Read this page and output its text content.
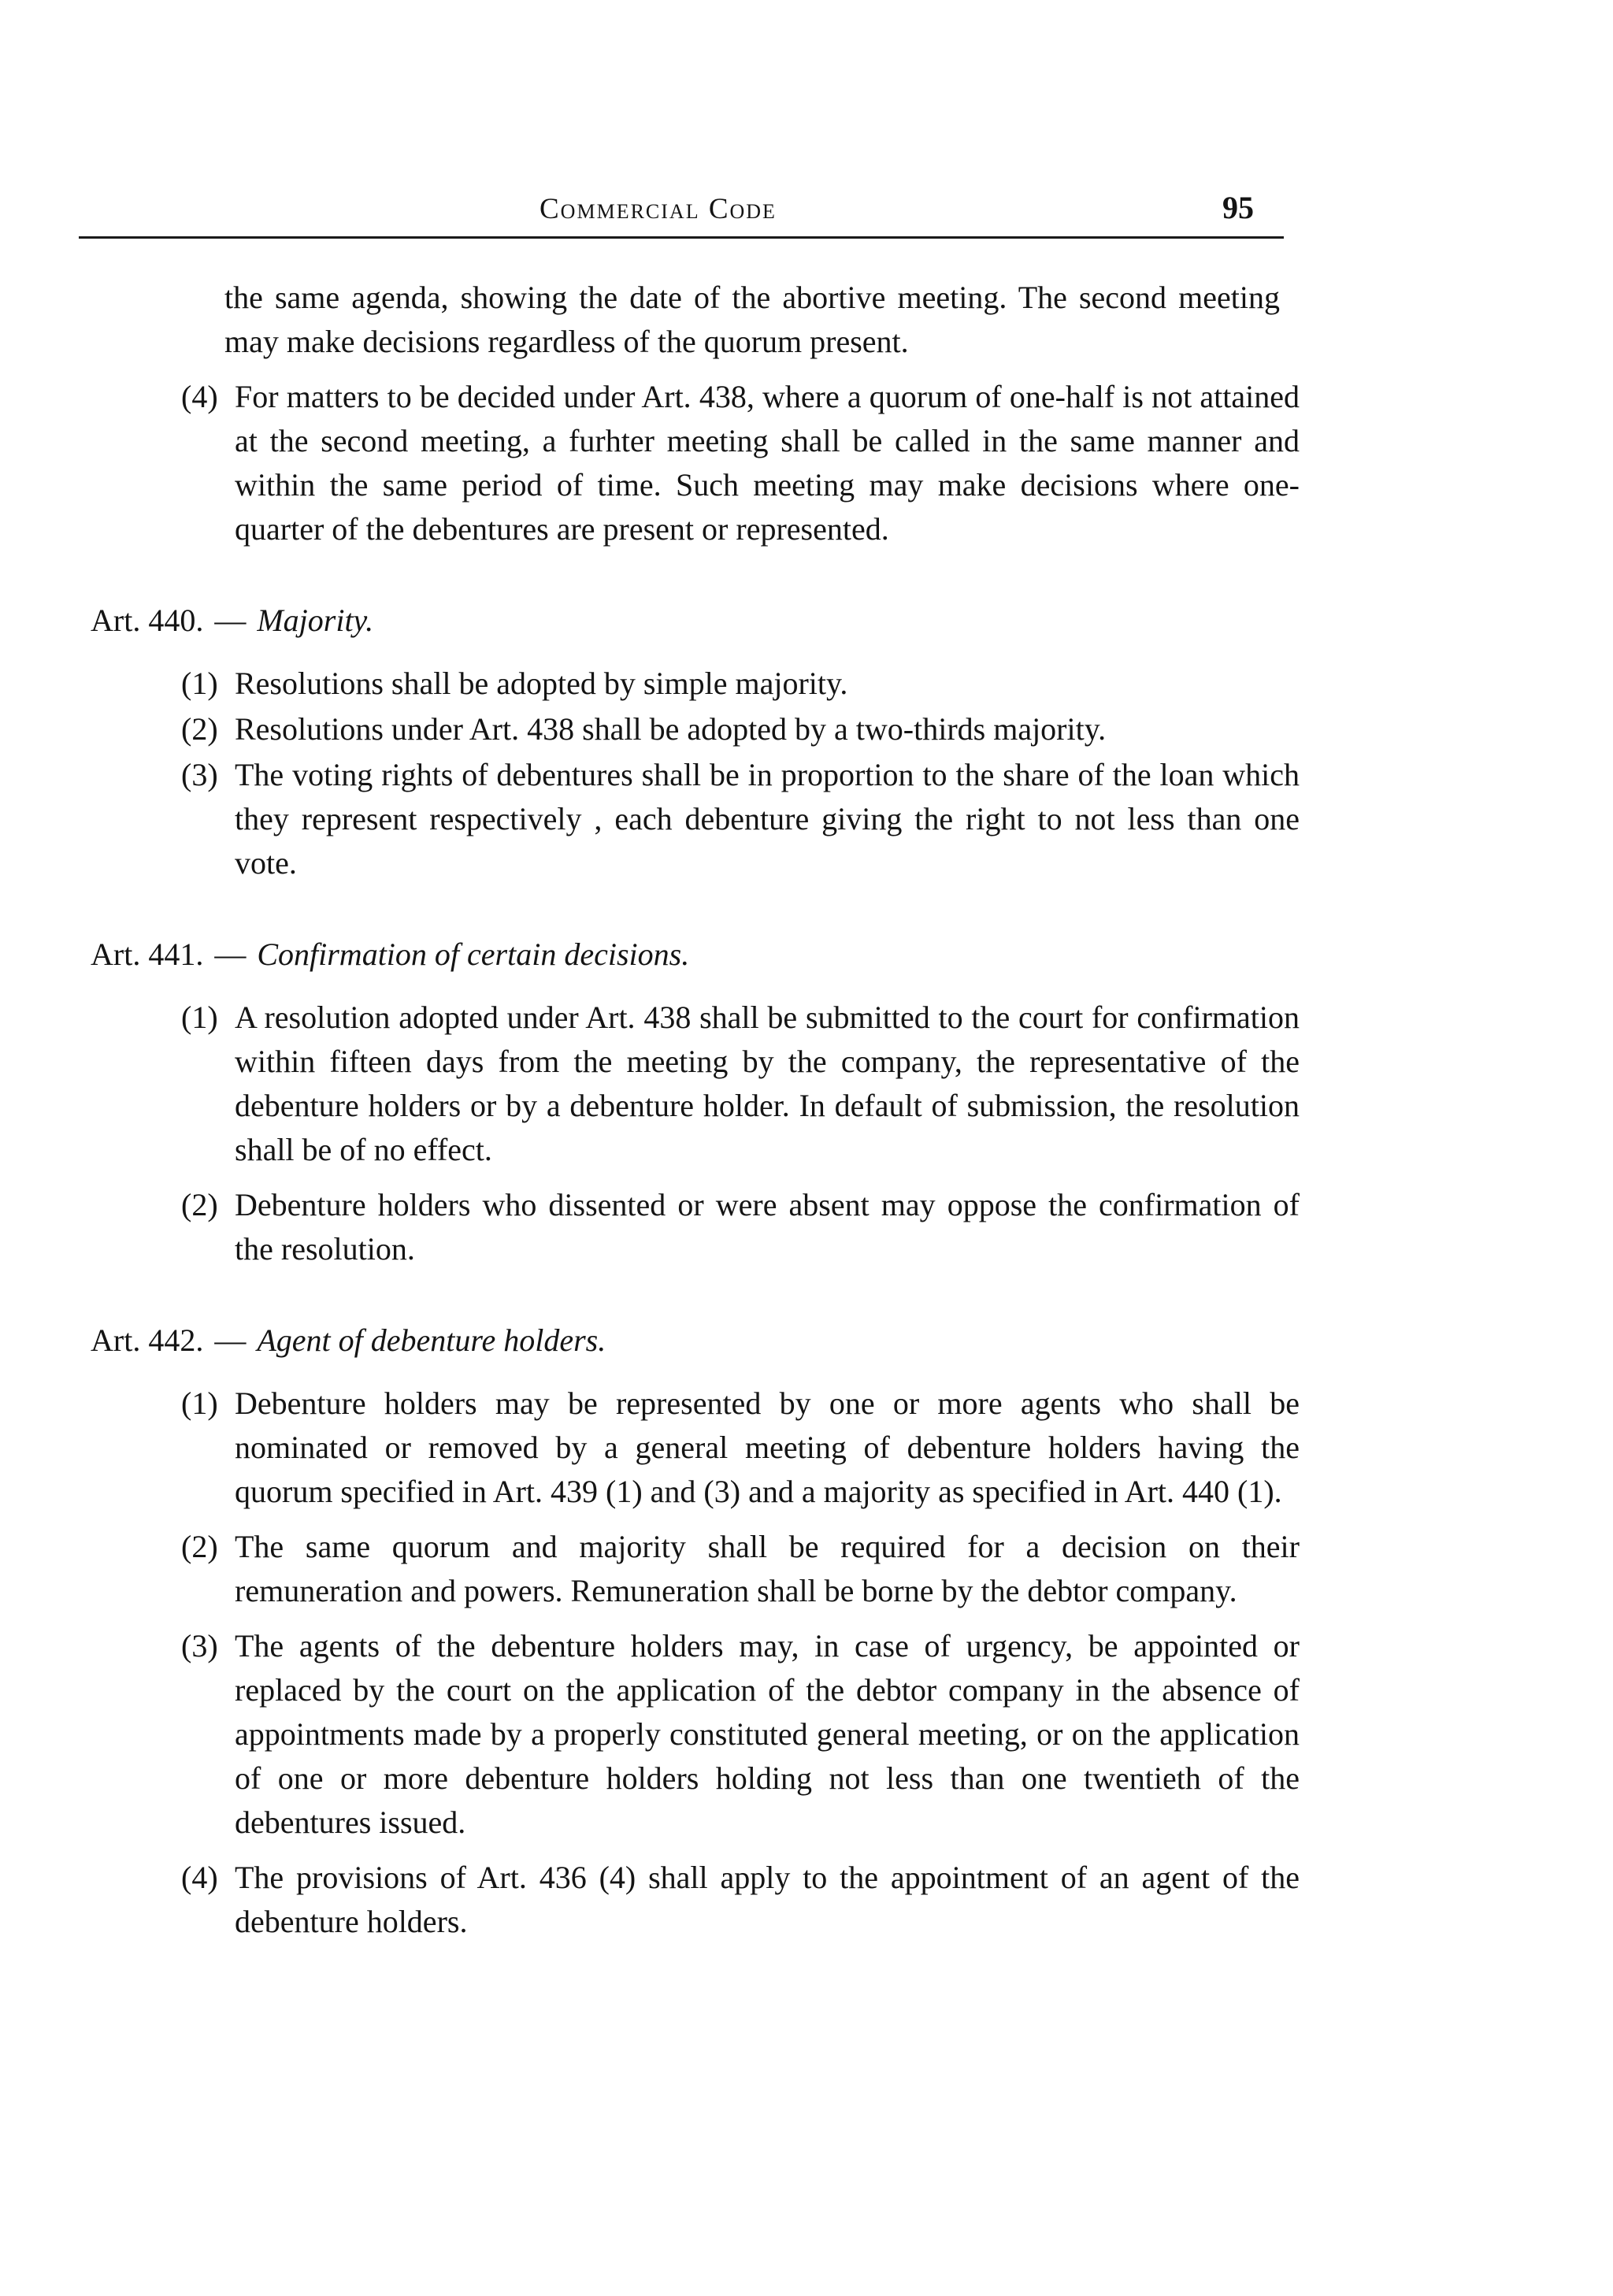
Commercial Code	95

the same agenda, showing the date of the abortive meeting. The second meeting may make decisions regardless of the quorum present.

(4) For matters to be decided under Art. 438, where a quorum of one-half is not attained at the second meeting, a furhter meeting shall be called in the same manner and within the same period of time. Such meeting may make decisions where one-quarter of the debentures are present or represented.
Art. 440. — Majority.
(1) Resolutions shall be adopted by simple majority.
(2) Resolutions under Art. 438 shall be adopted by a two-thirds majority.
(3) The voting rights of debentures shall be in proportion to the share of the loan which they represent respectively , each debenture giving the right to not less than one vote.
Art. 441. — Confirmation of certain decisions.
(1) A resolution adopted under Art. 438 shall be submitted to the court for confirmation within fifteen days from the meeting by the company, the representative of the debenture holders or by a debenture holder. In default of submission, the resolution shall be of no effect.
(2) Debenture holders who dissented or were absent may oppose the confirmation of the resolution.
Art. 442. — Agent of debenture holders.
(1) Debenture holders may be represented by one or more agents who shall be nominated or removed by a general meeting of debenture holders having the quorum specified in Art. 439 (1) and (3) and a majority as specified in Art. 440 (1).
(2) The same quorum and majority shall be required for a decision on their remuneration and powers. Remuneration shall be borne by the debtor company.
(3) The agents of the debenture holders may, in case of urgency, be appointed or replaced by the court on the application of the debtor company in the absence of appointments made by a properly constituted general meeting, or on the application of one or more debenture holders holding not less than one twentieth of the debentures issued.
(4) The provisions of Art. 436 (4) shall apply to the appointment of an agent of the debenture holders.
